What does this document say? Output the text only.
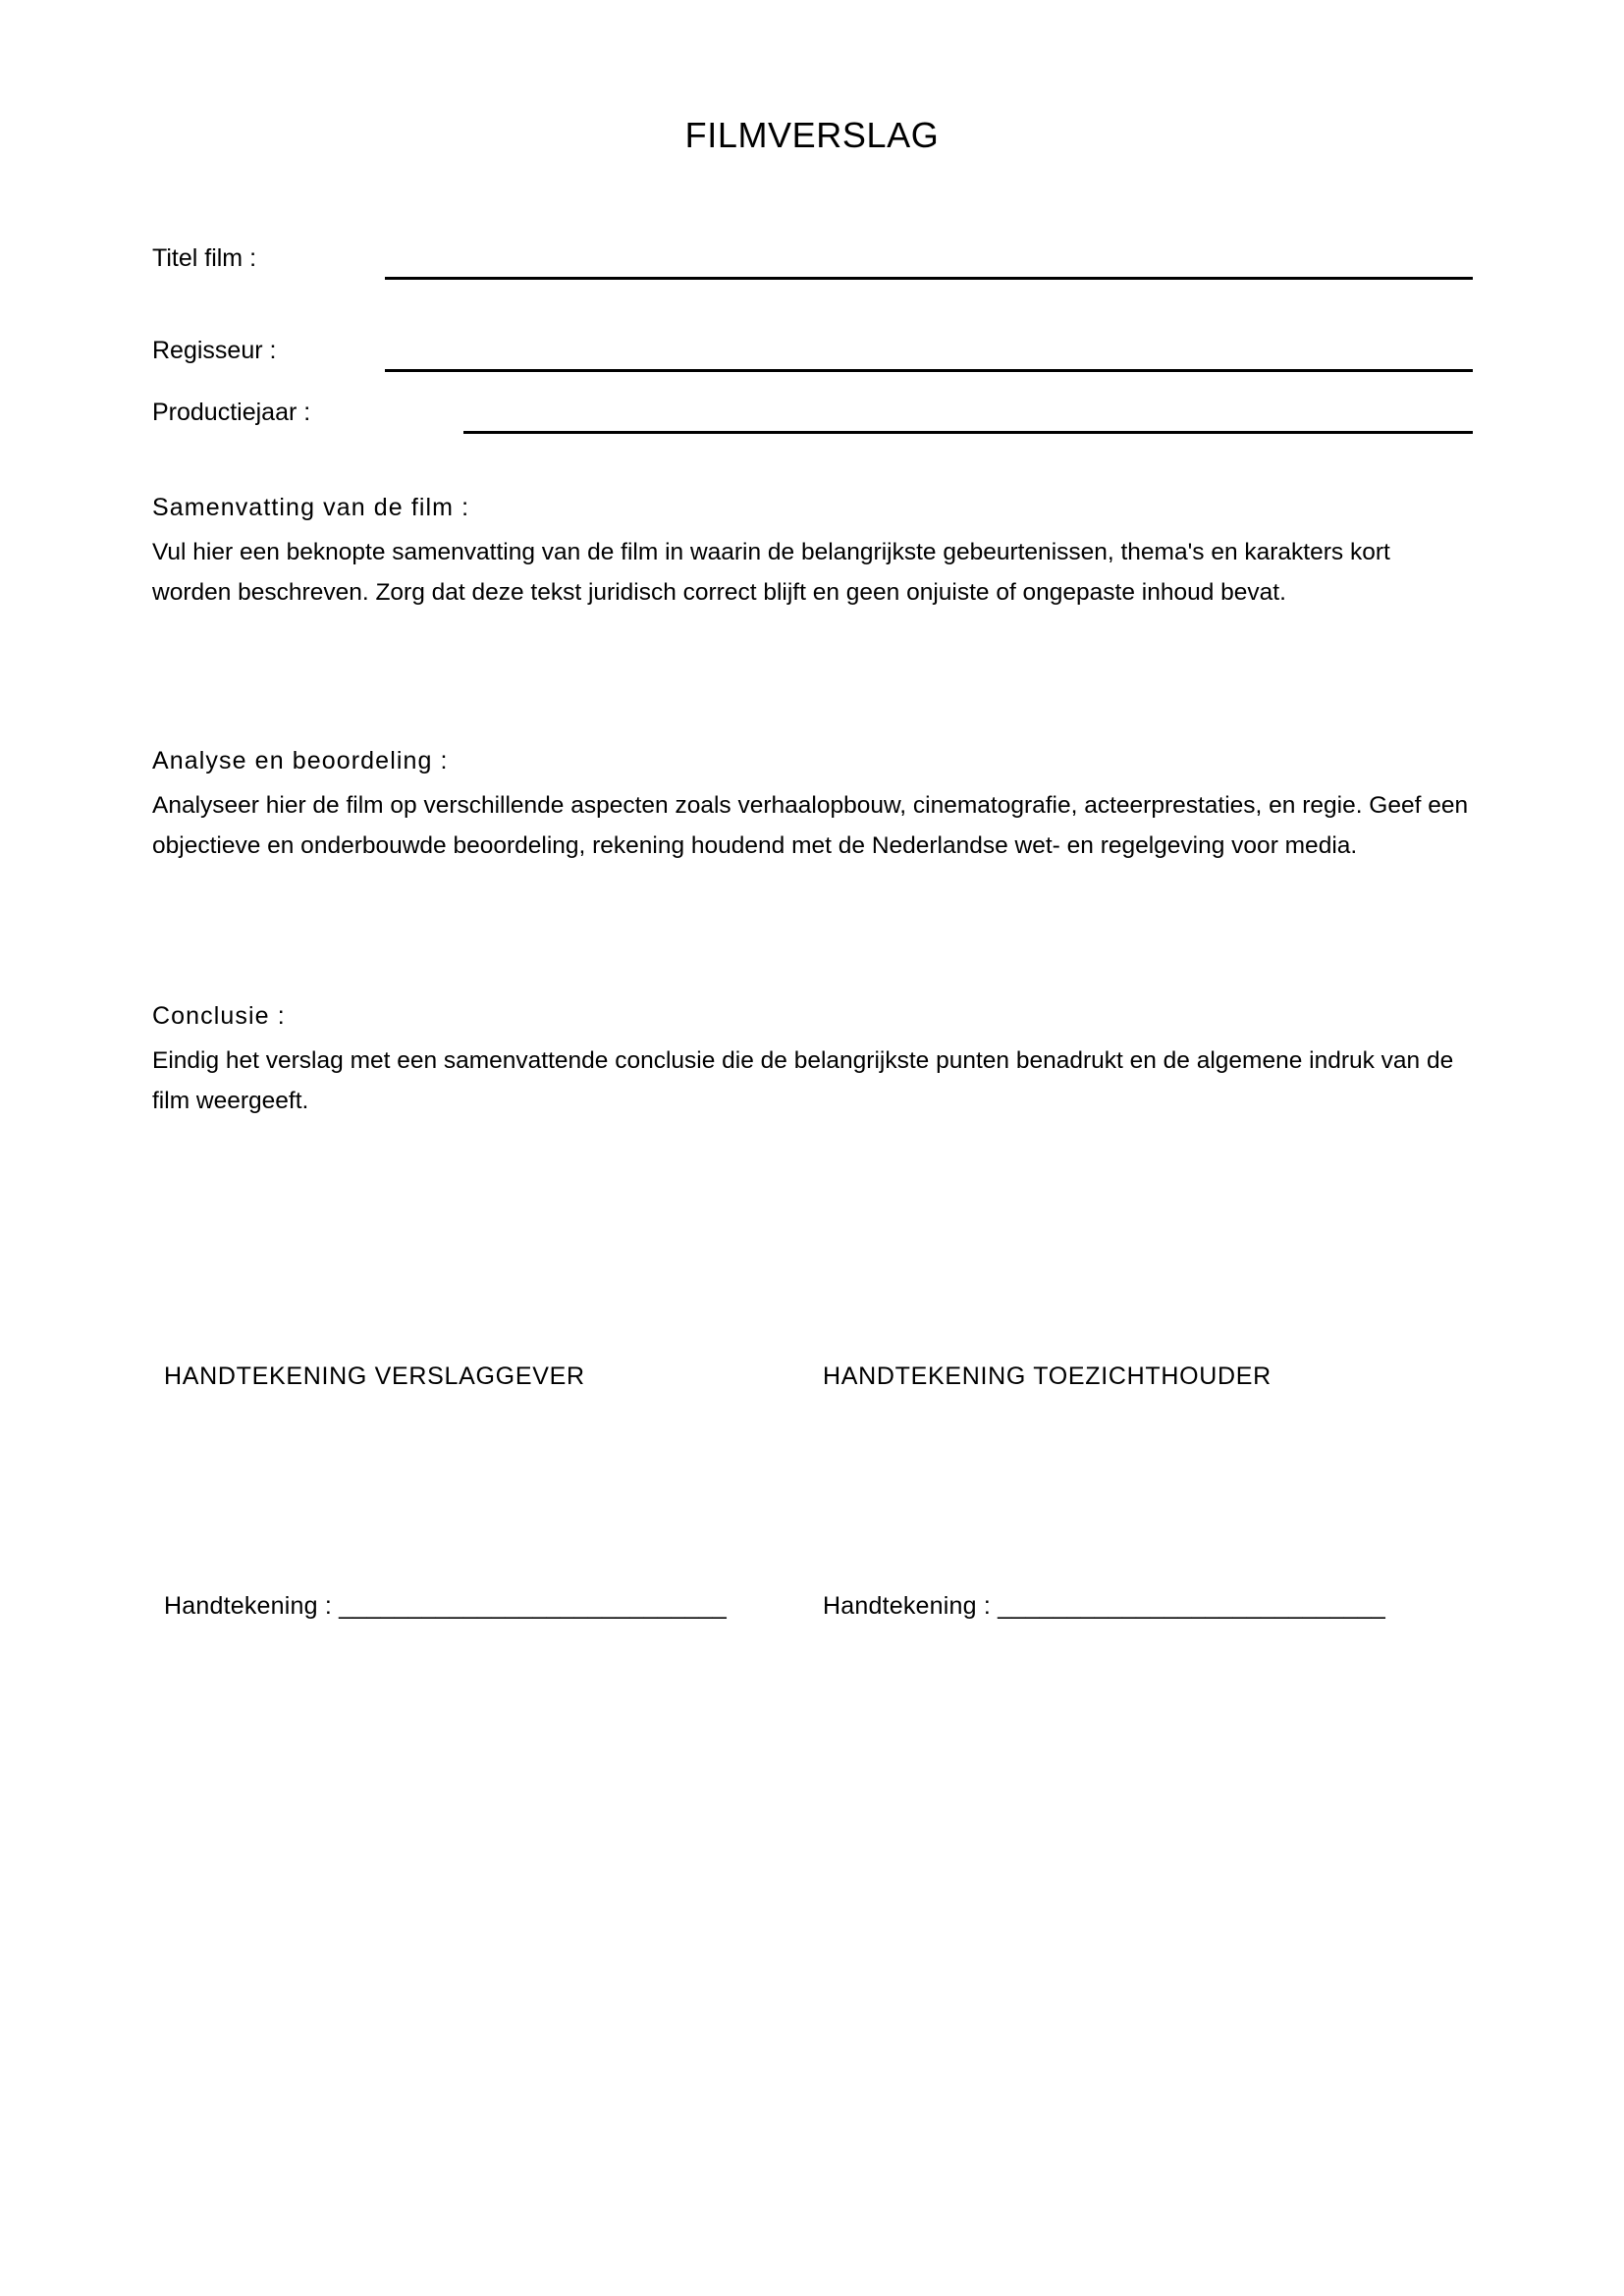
FILMVERSLAG
Titel film :
Regisseur :
Productiejaar :

Samenvatting van de film :

Vul hier een beknopte samenvatting van de film in waarin de belangrijkste gebeurtenissen, thema's en karakters kort worden beschreven. Zorg dat deze tekst juridisch correct blijft en geen onjuiste of ongepaste inhoud bevat.

Analyse en beoordeling :

Analyseer hier de film op verschillende aspecten zoals verhaalopbouw, cinematografie, acteerprestaties, en regie. Geef een objectieve en onderbouwde beoordeling, rekening houdend met de Nederlandse wet- en regelgeving voor media.

Conclusie :

Eindig het verslag met een samenvattende conclusie die de belangrijkste punten benadrukt en de algemene indruk van de film weergeeft.

HANDTEKENING VERSLAGGEVER

Handtekening : ____________________________

HANDTEKENING TOEZICHTHOUDER

Handtekening : ____________________________
